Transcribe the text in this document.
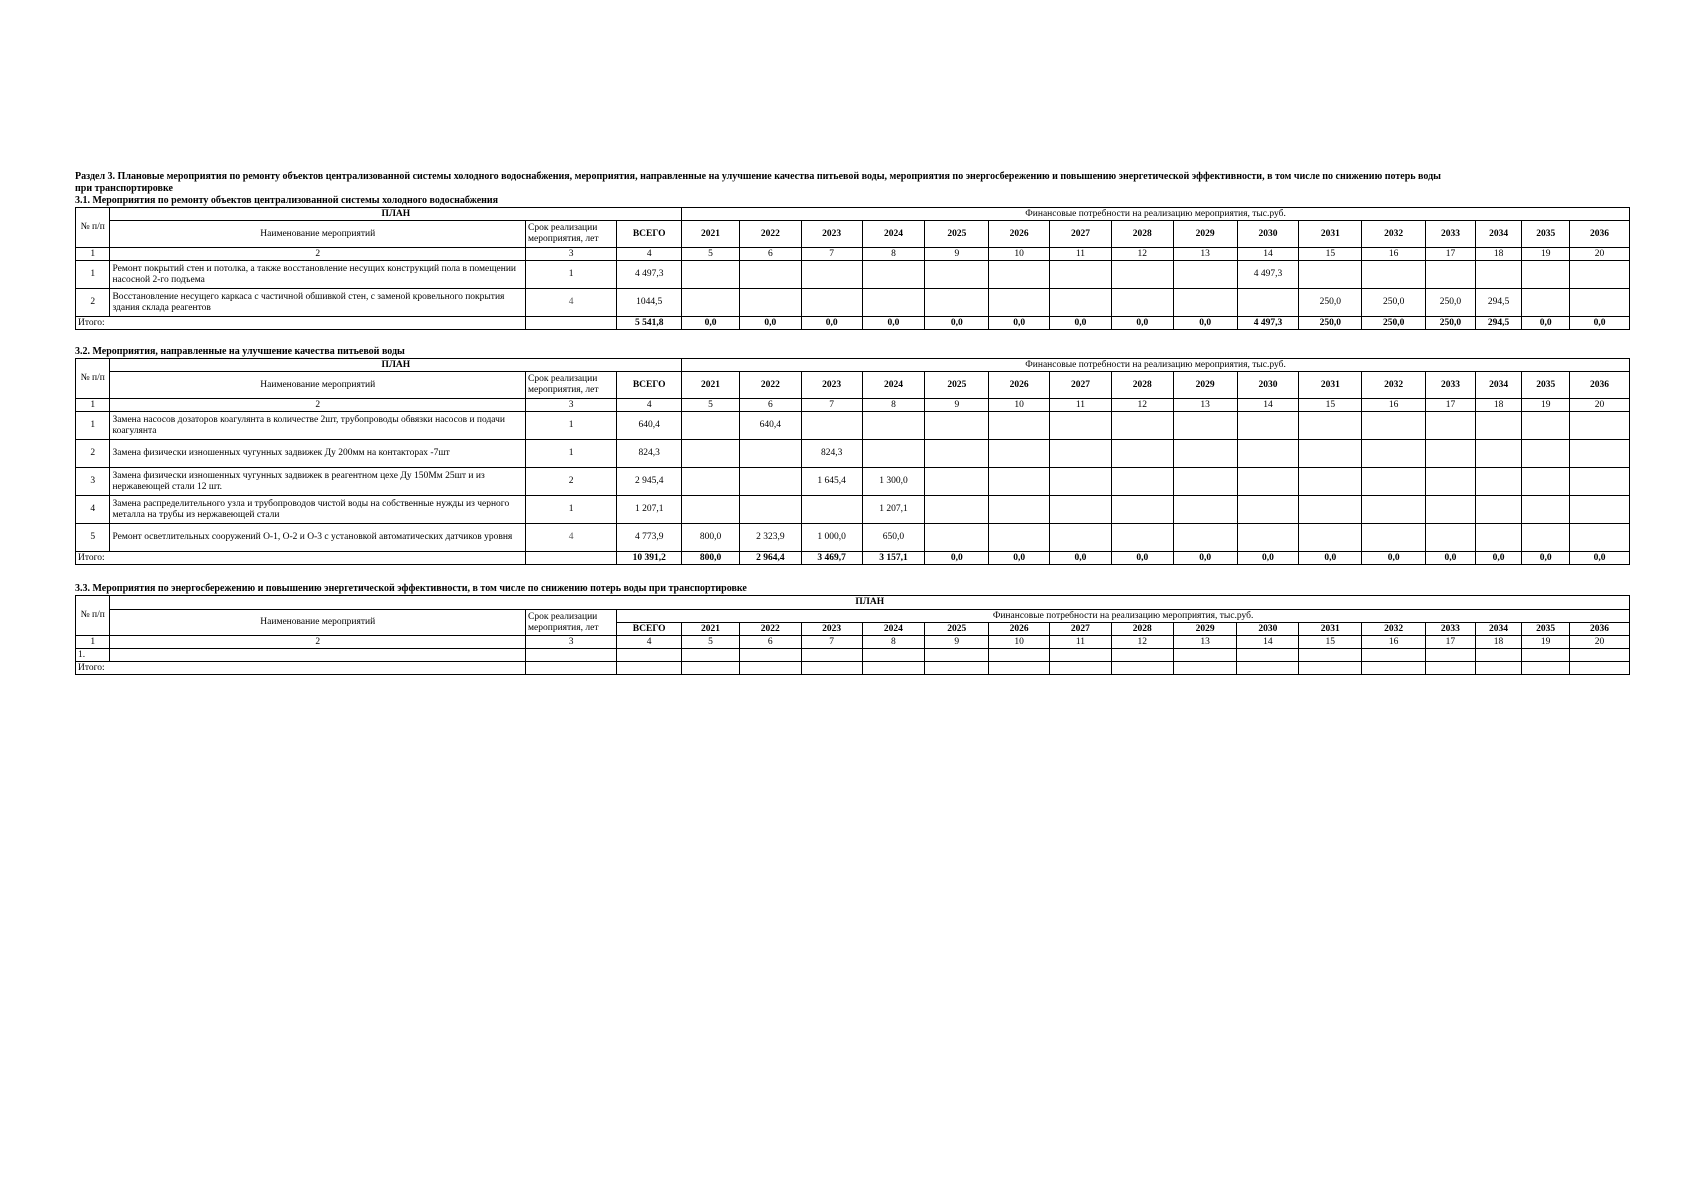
Раздел 3. Плановые мероприятия по ремонту объектов централизованной системы холодного водоснабжения, мероприятия, направленные на улучшение качества питьевой воды, мероприятия по энергосбережению и повышению энергетической эффективности, в том числе по снижению потерь воды
при транспортировке

3.1. Мероприятия по ремонту объектов централизованной системы холодного водоснабжения

№ п/п	ПЛАН			Финансовые потребности на реализацию мероприятия, тыс.руб.															
	Наименование мероприятий	Срок реализации мероприятия, лет	ВСЕГО	2021	2022	2023	2024	2025	2026	2027	2028	2029	2030	2031	2032	2033	2034	2035	2036
1	2	3	4	5	6	7	8	9	10	11	12	13	14	15	16	17	18	19	20
1	Ремонт покрытий стен и потолка, а также восстановление несущих конструкций пола в помещении насосной 2-го подъема	1	4 497,3										4 497,3						
2	Восстановление несущего каркаса с частичной обшивкой стен, с заменой кровельного покрытия здания склада реагентов	4	1044,5											250,0	250,0	250,0	294,5		
Итого:			5 541,8	0,0	0,0	0,0	0,0	0,0	0,0	0,0	0,0	0,0	4 497,3	250,0	250,0	250,0	294,5	0,0	0,0

3.2. Мероприятия, направленные на улучшение качества питьевой воды

№ п/п	ПЛАН			Финансовые потребности на реализацию мероприятия, тыс.руб.															
	Наименование мероприятий	Срок реализации мероприятия, лет	ВСЕГО	2021	2022	2023	2024	2025	2026	2027	2028	2029	2030	2031	2032	2033	2034	2035	2036
1	2	3	4	5	6	7	8	9	10	11	12	13	14	15	16	17	18	19	20
1	Замена насосов дозаторов коагулянта в количестве 2шт, трубопроводы обвязки насосов и подачи коагулянта	1	640,4		640,4														
2	Замена физически изношенных чугунных задвижек Ду 200мм на контакторах -7шт	1	824,3			824,3													
3	Замена физически изношенных чугунных задвижек в реагентном цехе Ду 150Мм 25шт и из нержавеющей стали 12 шт.	2	2 945,4			1 645,4	1 300,0												
4	Замена распределительного узла и трубопроводов чистой воды на собственные нужды из черного металла на трубы из нержавеющей стали	1	1 207,1				1 207,1												
5	Ремонт осветлительных сооружений О-1, О-2 и О-3 с установкой автоматических датчиков уровня	4	4 773,9	800,0	2 323,9	1 000,0	650,0												
Итого:			10 391,2	800,0	2 964,4	3 469,7	3 157,1	0,0	0,0	0,0	0,0	0,0	0,0	0,0	0,0	0,0	0,0	0,0	0,0

3.3. Мероприятия по энергосбережению и повышению энергетической эффективности, в том числе по снижению потерь воды при транспортировке

№ п/п	ПЛАН																		
	Наименование мероприятий	Срок реализации мероприятия, лет	Финансовые потребности на реализацию мероприятия, тыс.руб.																
			ВСЕГО	2021	2022	2023	2024	2025	2026	2027	2028	2029	2030	2031	2032	2033	2034	2035	2036
1	2	3	4	5	6	7	8	9	10	11	12	13	14	15	16	17	18	19	20
1.																			
Итого:																			
